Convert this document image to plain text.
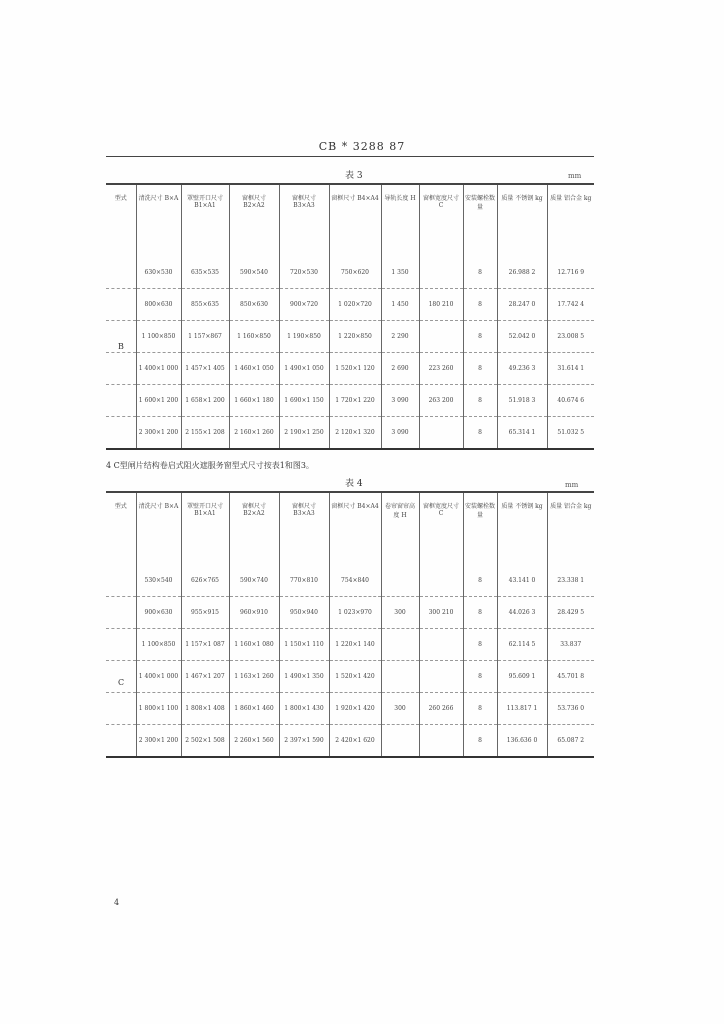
CB * 3288 87
表 3	mm
型式	清洗尺寸 B×A	罩壁开口尺寸 B1×A1	窗框尺寸 B2×A2	窗框尺寸 B3×A3	窗框尺寸 B4×A4	导轨长度 H	窗框宽度尺寸 C	安装螺栓数量	质量 不锈钢 kg	质量 铝合金 kg
	630×530	635×535	590×540	720×530	750×620	1 350		8	26.988 2	12.716 9
	800×630	855×635	850×630	900×720	1 020×720	1 450	180 210	8	28.247 0	17.742 4
	1 100×850	1 157×867	1 160×850	1 190×850	1 220×850	2 290		8	52.042 0	23.008 5
	1 400×1 000	1 457×1 405	1 460×1 050	1 490×1 050	1 520×1 120	2 690	223 260	8	49.236 3	31.614 1
	1 600×1 200	1 658×1 200	1 660×1 180	1 690×1 150	1 720×1 220	3 090	263 200	8	51.918 3	40.674 6
	2 300×1 200	2 155×1 208	2 160×1 260	2 190×1 250	2 120×1 320	3 090		8	65.314 1	51.032 5
B
4 C型闸片结构卷启式阻火遮服务窗型式尺寸按表1和图3。
表 4	mm
型式	清洗尺寸 B×A	罩壁开口尺寸 B1×A1	窗框尺寸 B2×A2	窗框尺寸 B3×A3	窗框尺寸 B4×A4	卷帘窗帘高度 H	窗框宽度尺寸 C	安装螺栓数量	质量 不锈钢 kg	质量 铝合金 kg
	530×540	626×765	590×740	770×810	754×840			8	43.141 0	23.338 1
	900×630	955×915	960×910	950×940	1 023×970	300	300 210	8	44.026 3	28.429 5
	1 100×850	1 157×1 087	1 160×1 080	1 150×1 110	1 220×1 140			8	62.114 5	33.837
	1 400×1 000	1 467×1 207	1 163×1 260	1 490×1 350	1 520×1 420			8	95.609 1	45.701 8
	1 800×1 100	1 808×1 408	1 860×1 460	1 800×1 430	1 920×1 420	300	260 266	8	113.817 1	53.736 0
	2 300×1 200	2 502×1 508	2 260×1 560	2 397×1 590	2 420×1 620			8	136.636 0	65.087 2
C
4
